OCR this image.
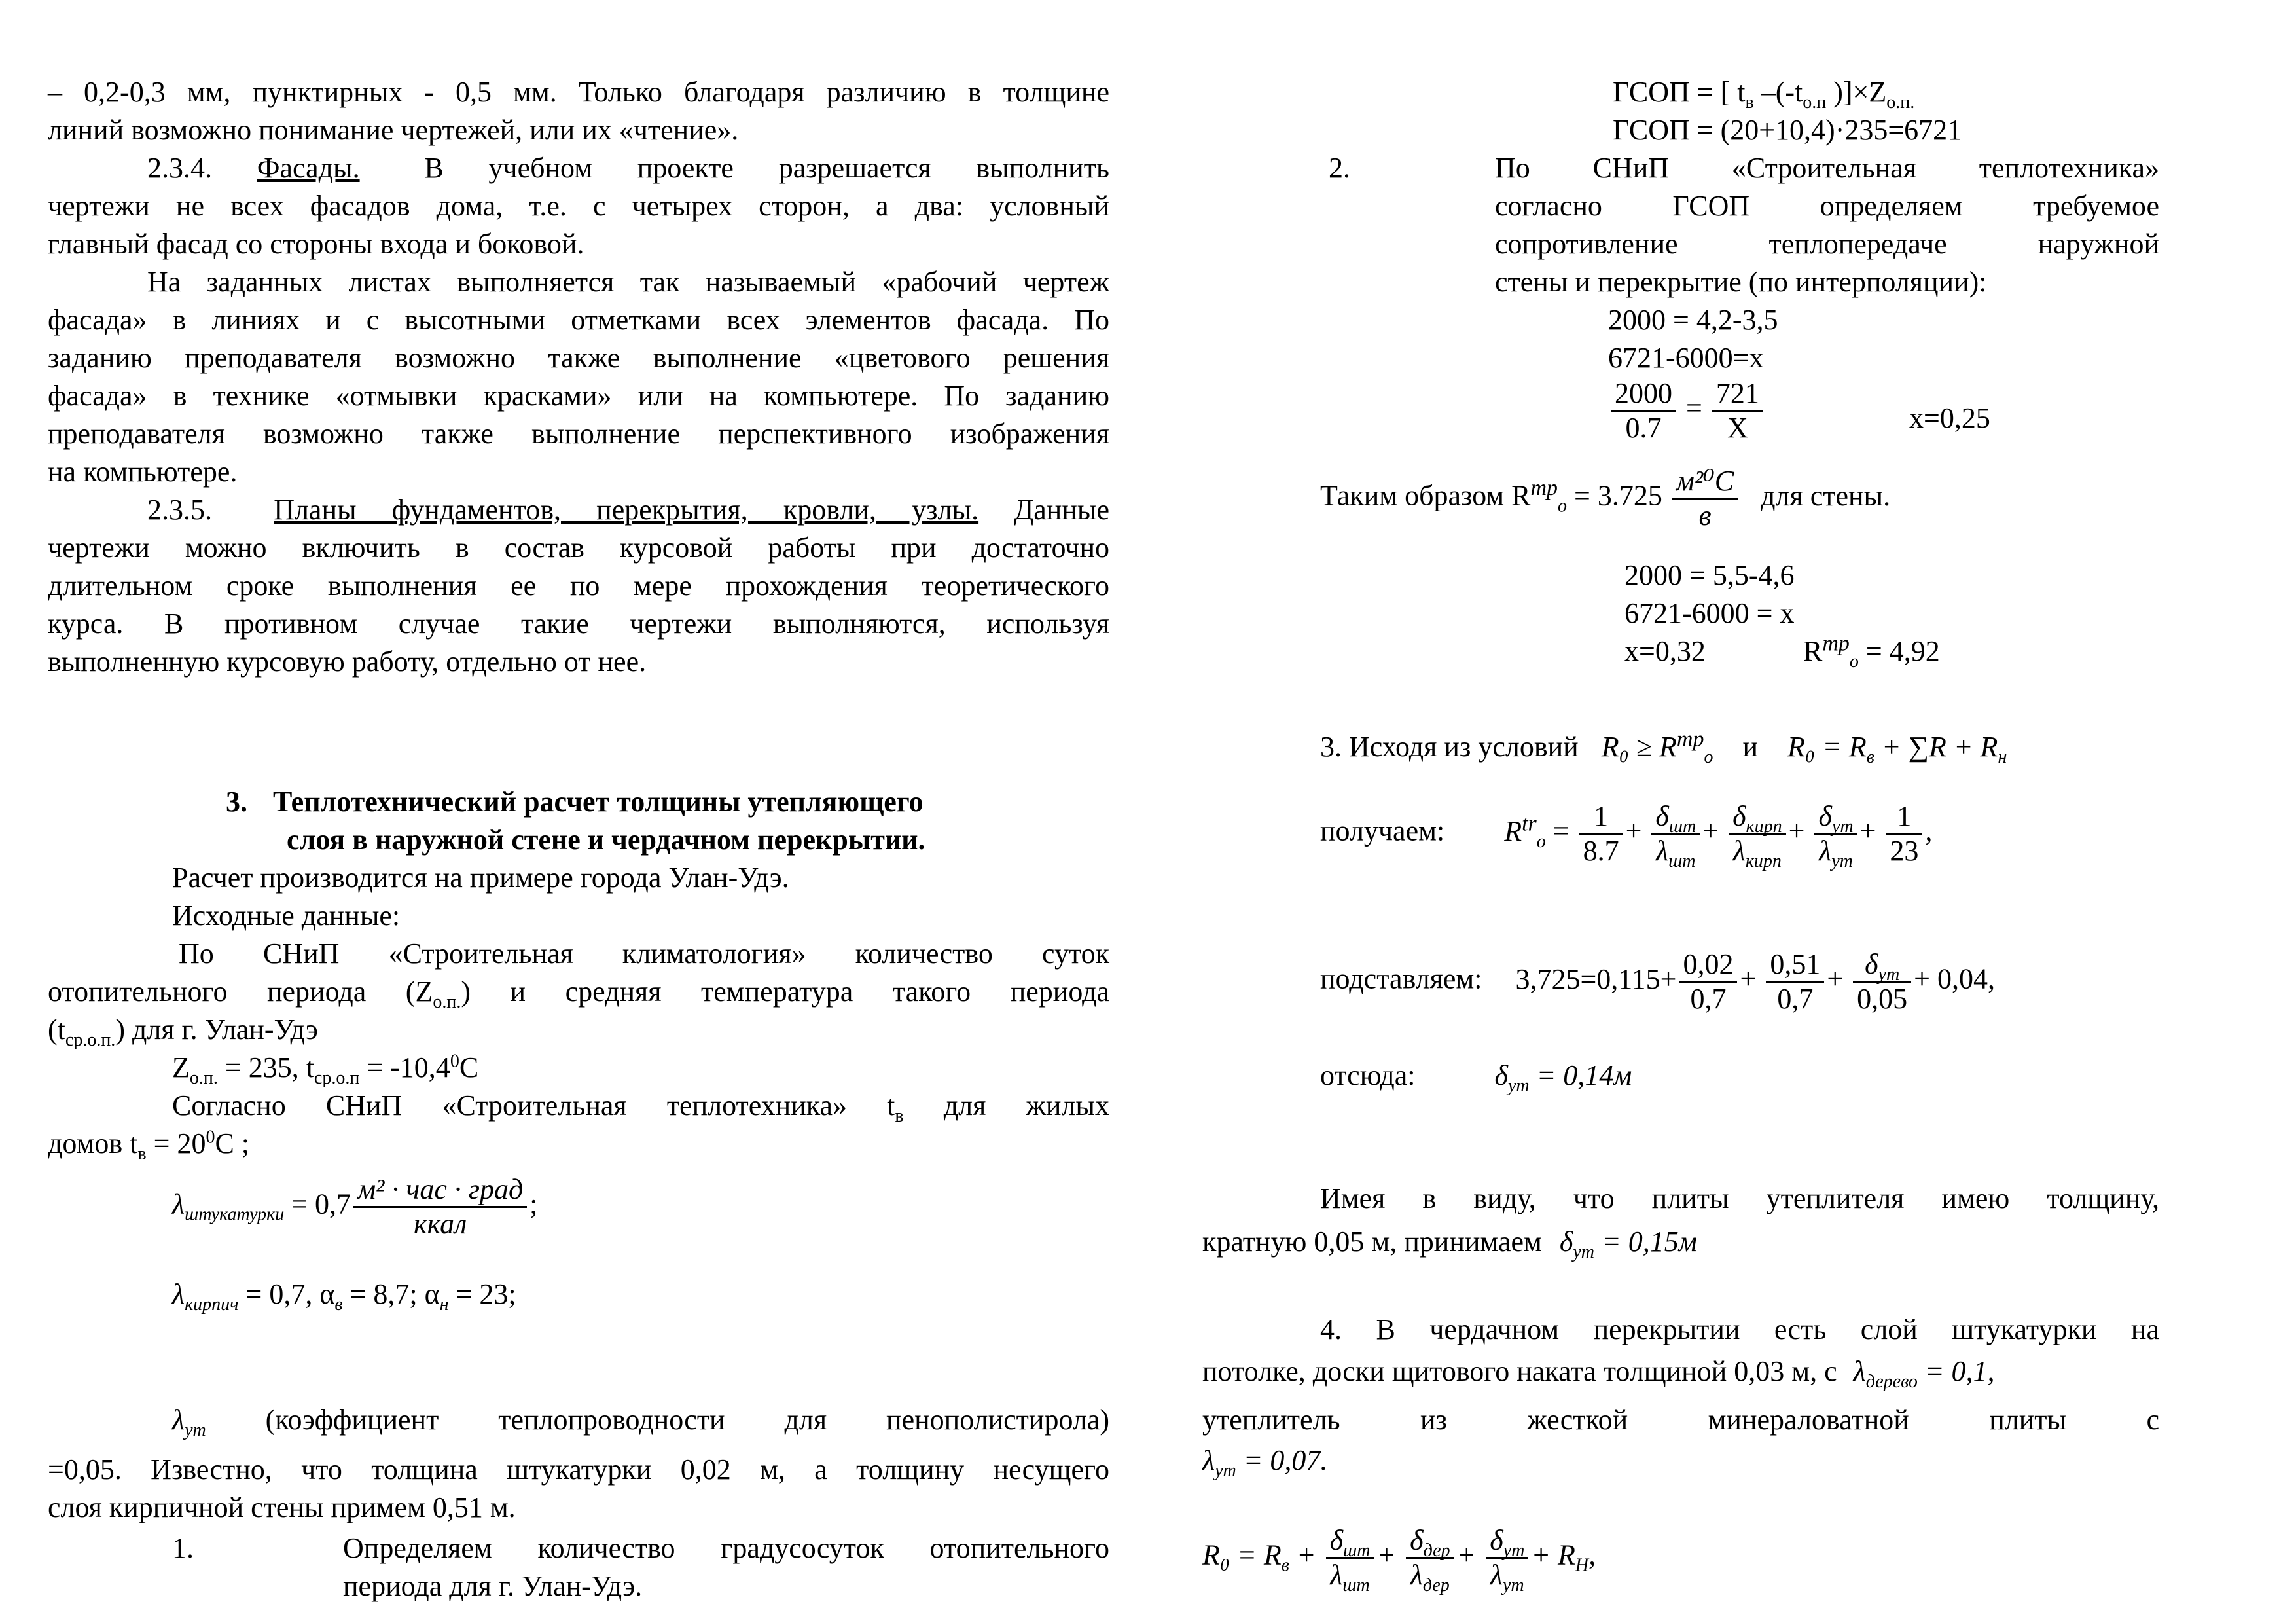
– 0,2-0,3 мм, пунктирных - 0,5 мм. Только благодаря различию в толщине
линий возможно понимание чертежей, или их «чтение».
2.3.4. Фасады. В учебном проекте разрешается выполнить
чертежи не всех фасадов дома, т.е. с четырех сторон, а два: условный
главный фасад со стороны входа и боковой.
На заданных листах выполняется так называемый «рабочий чертеж
фасада» в линиях и с высотными отметками всех элементов фасада. По
заданию преподавателя возможно также выполнение «цветового решения
фасада» в технике «отмывки красками» или на компьютере. По заданию
преподавателя возможно также выполнение перспективного изображения
на компьютере.
2.3.5. Планы фундаментов, перекрытия, кровли, узлы. Данные
чертежи можно включить в состав курсовой работы при достаточно
длительном сроке выполнения ее по мере прохождения теоретического
курса. В противном случае такие чертежи выполняются, используя
выполненную курсовую работу, отдельно от нее.
3. Теплотехнический расчет толщины утепляющего
слоя в наружной стене и чердачном перекрытии.
Расчет производится на примере города Улан-Удэ.
Исходные данные:
По СНиП «Строительная климатология» количество суток
отопительного периода $(Z_{о.п.})$ и средняя температура такого периода
$(t_{ср.о.п.})$ для г. Улан-Удэ
$Z_{о.п.} = 235$, $t_{ср.о.п} = -10,4^0С$
Согласно СНиП «Строительная теплотехника» $t_в$ для жилых
домов $t_в = 20^0С$ ;
$\lambda_{штукатурки} = 0,7 \frac{\text{м² · час · град}}{\text{ккал}}$ ;
$\lambda_{кирпич} = 0,7$, $\alpha_в = 8,7$; $\alpha_н = 23$;
$\lambda_{ут}$ (коэффициент теплопроводности для пенополистирола)
=0,05. Известно, что толщина штукатурки 0,02 м, а толщину несущего
слоя кирпичной стены примем 0,51 м.
1.	Определяем количество градусосуток отопительного
периода для г. Улан-Удэ.
ГСОП = [ $t_в$ $-(-t_{о.п}$ )]$\times Z_{о.п.}$
ГСОП = (20+10,4)·235=6721
2.	По СНиП «Строительная теплотехника»
согласно ГСОП определяем требуемое
сопротивление теплопередаче наружной
стены и перекрытие (по интерполяции):
2000 = 4,2-3,5
6721-6000=x
$\frac{2000}{0.7} = \frac{721}{X}$	x=0,25
Таким образом $R^{тр}_о = 3.725 \frac{\text{м²⁰С}}{в}$ для стены.
2000 = 5,5-4,6
6721-6000 = x
x=0,32	$R^{тр}_о = 4,92$
3. Исходя из условий $R_0 \ge R^{тр}_о$ и $R_0 = R_в + \sum R + R_н$
получаем: $R^{tr}_o = \frac{1}{8.7} + \frac{\delta_{шт}}{\lambda_{шт}} + \frac{\delta_{кирп}}{\lambda_{кирп}} + \frac{\delta_{ут}}{\lambda_{ут}} + \frac{1}{23}$ ,
подставляем: $3,725=0,115+ \frac{0,02}{0,7} + \frac{0,51}{0,7} + \frac{\delta_{ут}}{0,05} + 0,04$,
отсюда:	$\delta_{ут} = 0,14м$
Имея в виду, что плиты утеплителя имею толщину,
кратную 0,05 м, принимаем $\delta_{ут} = 0,15м$
4. В чердачном перекрытии есть слой штукатурки на
потолке, доски щитового наката толщиной 0,03 м, с $\lambda_{дерево} = 0,1$,
утеплитель из жесткой минераловатной плиты с
$\lambda_{ут} = 0,07$.
$R_0 = R_в + \frac{\delta_{шт}}{\lambda_{шт}} + \frac{\delta_{дер}}{\lambda_{дер}} + \frac{\delta_{ут}}{\lambda_{ут}} + R_H$,
